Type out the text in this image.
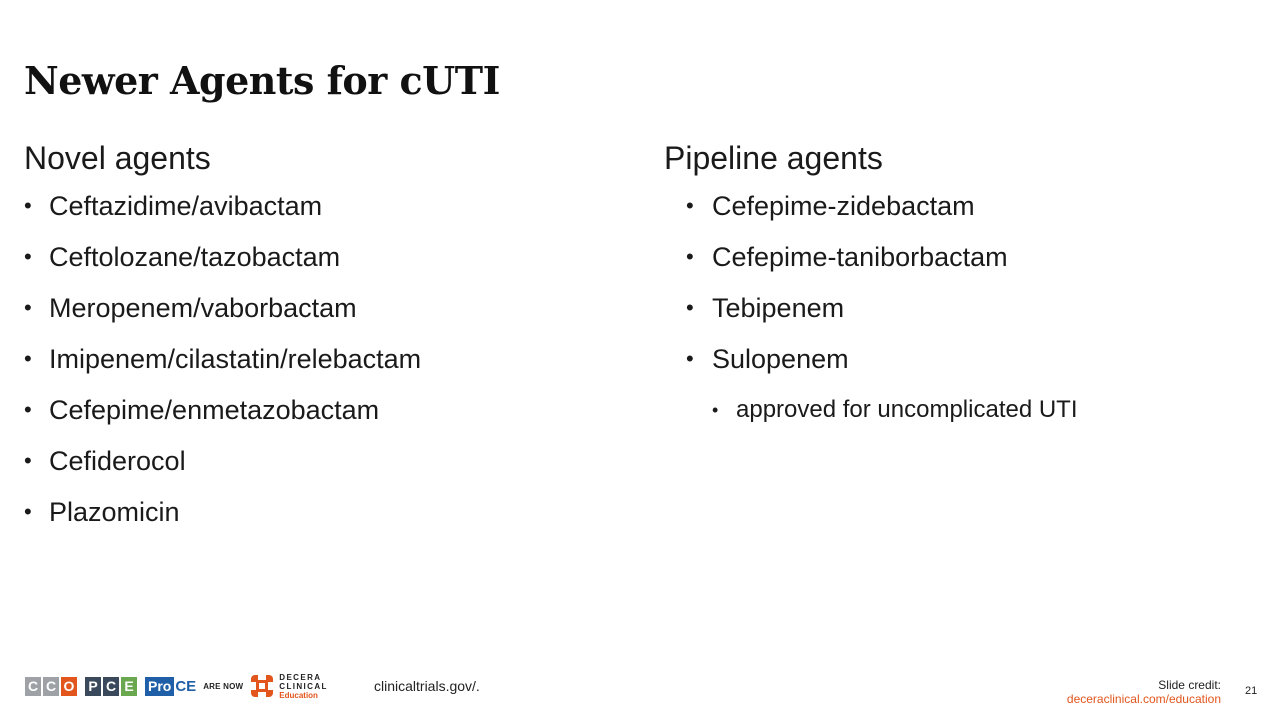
Newer Agents for cUTI
Novel agents
• Ceftazidime/avibactam
• Ceftolozane/tazobactam
• Meropenem/vaborbactam
• Imipenem/cilastatin/relebactam
• Cefepime/enmetazobactam
• Cefiderocol
• Plazomicin
Pipeline agents
• Cefepime-zidebactam
• Cefepime-taniborbactam
• Tebipenem
• Sulopenem
• approved for uncomplicated UTI
C C O P C E Pro CE ARE NOW
DECERA
CLINICAL
Education
clinicaltrials.gov/.	Slide credit:
deceraclinical.com/education
21
